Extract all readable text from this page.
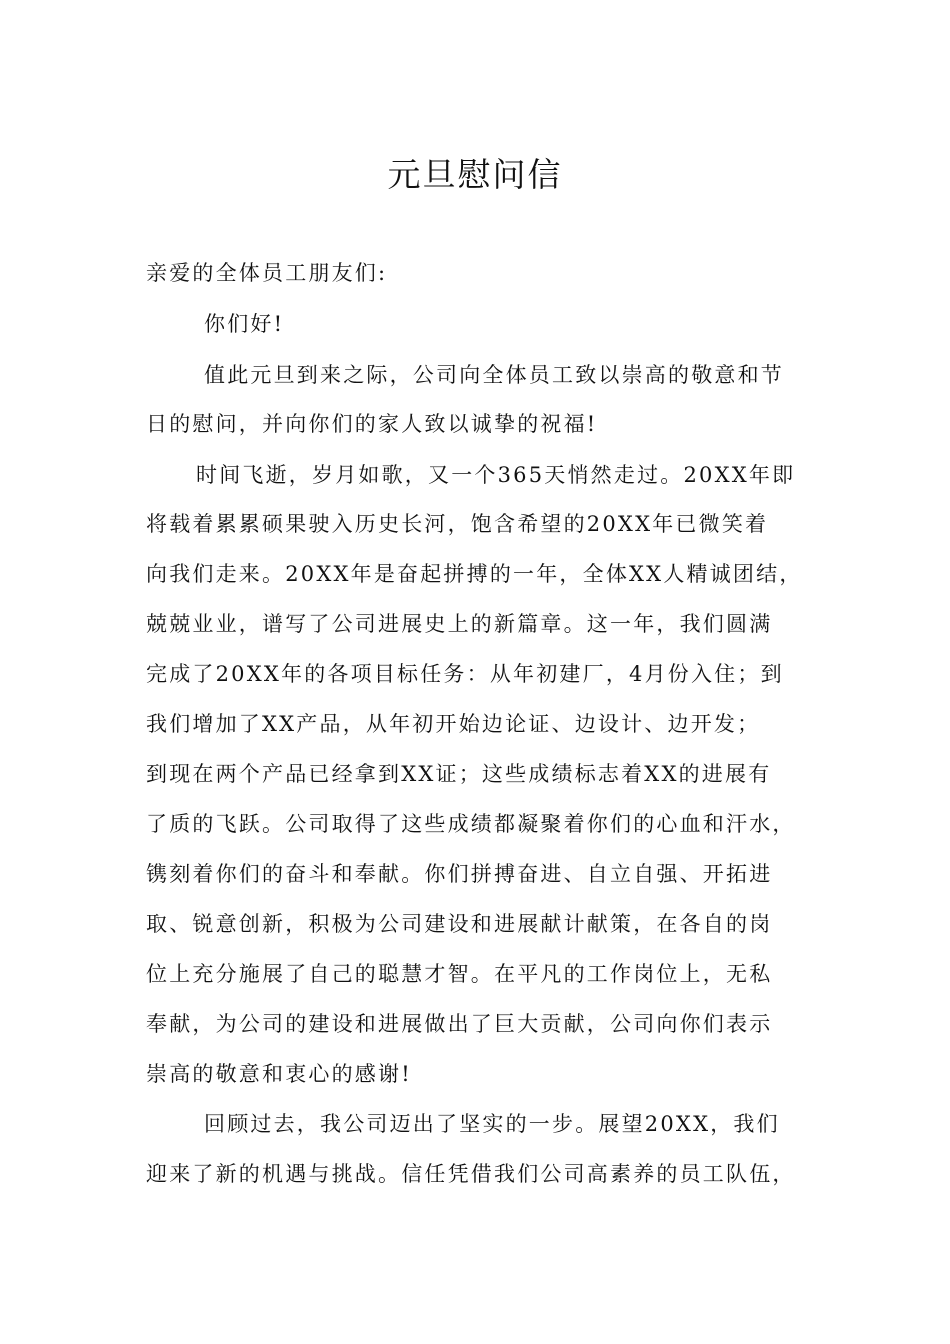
元旦慰问信
亲爱的全体员工朋友们:
你们好!
值此元旦到来之际，公司向全体员工致以崇高的敬意和节
日的慰问，并向你们的家人致以诚挚的祝福!
时间飞逝，岁月如歌，又一个365天悄然走过。20XX年即
将载着累累硕果驶入历史长河，饱含希望的20XX年已微笑着
向我们走来。20XX年是奋起拼搏的一年，全体XX人精诚团结，
兢兢业业，谱写了公司进展史上的新篇章。这一年，我们圆满
完成了20XX年的各项目标任务：从年初建厂，4月份入住；到
我们增加了XX产品，从年初开始边论证、边设计、边开发；
到现在两个产品已经拿到XX证；这些成绩标志着XX的进展有
了质的飞跃。公司取得了这些成绩都凝聚着你们的心血和汗水，
镌刻着你们的奋斗和奉献。你们拼搏奋进、自立自强、开拓进
取、锐意创新，积极为公司建设和进展献计献策，在各自的岗
位上充分施展了自己的聪慧才智。在平凡的工作岗位上，无私
奉献，为公司的建设和进展做出了巨大贡献，公司向你们表示
崇高的敬意和衷心的感谢!
回顾过去，我公司迈出了坚实的一步。展望20XX，我们
迎来了新的机遇与挑战。信任凭借我们公司高素养的员工队伍，
